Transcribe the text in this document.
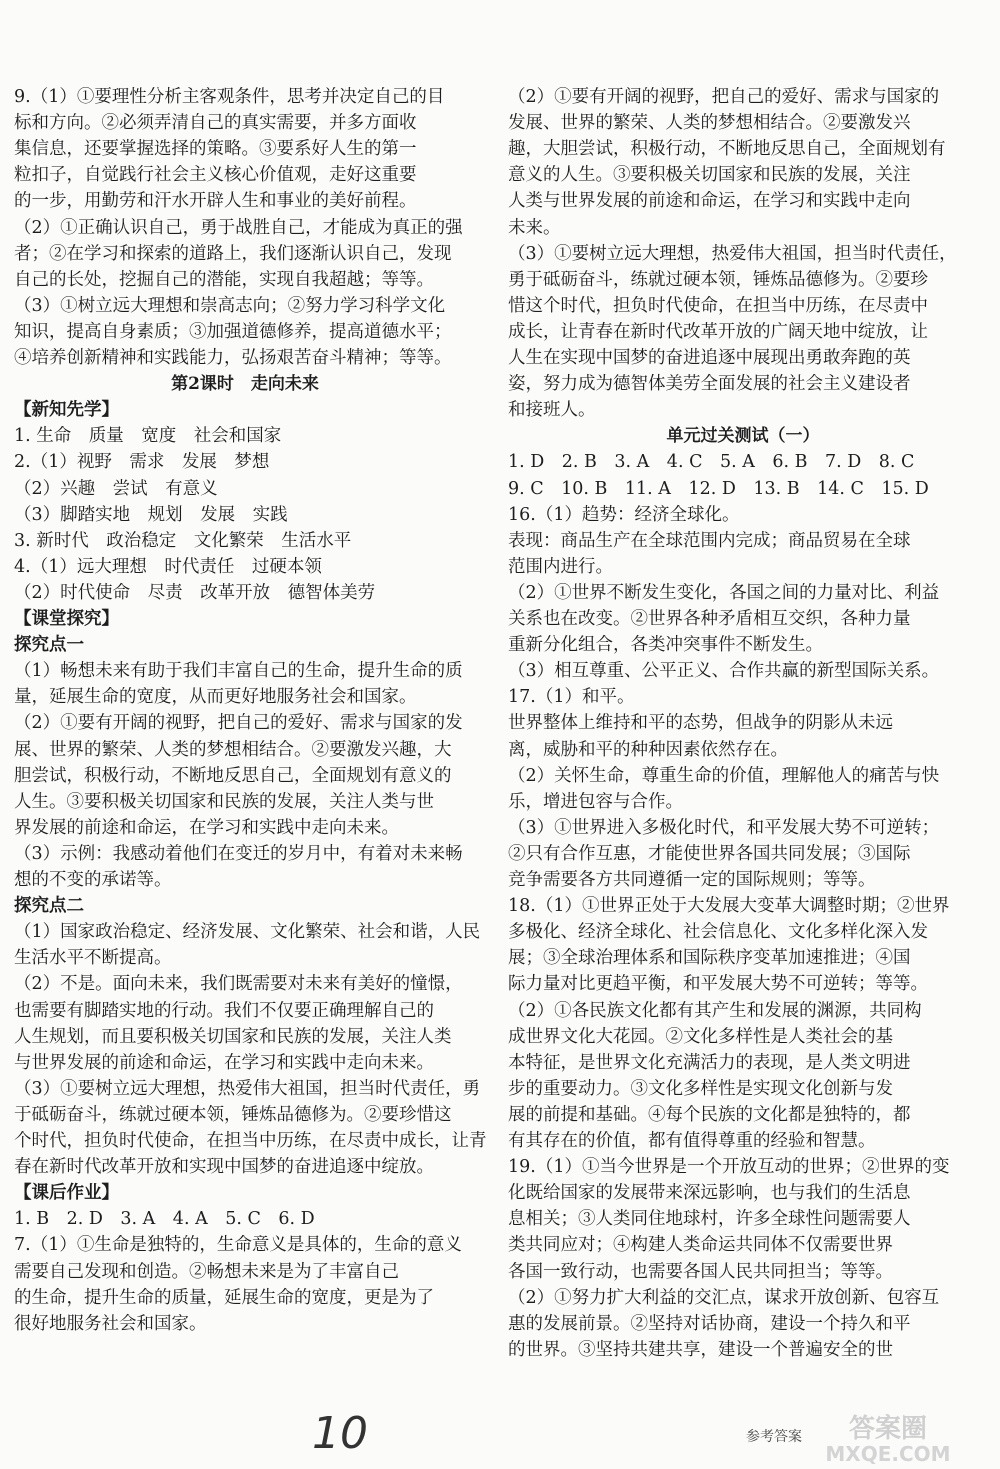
9.（1）①要理性分析主客观条件，思考并决定自己的目
标和方向。②必须弄清自己的真实需要，并多方面收
集信息，还要掌握选择的策略。③要系好人生的第一
粒扣子，自觉践行社会主义核心价值观，走好这重要
的一步，用勤劳和汗水开辟人生和事业的美好前程。
（2）①正确认识自己，勇于战胜自己，才能成为真正的强
者；②在学习和探索的道路上，我们逐渐认识自己，发现
自己的长处，挖掘自己的潜能，实现自我超越；等等。
（3）①树立远大理想和崇高志向；②努力学习科学文化
知识，提高自身素质；③加强道德修养，提高道德水平；
④培养创新精神和实践能力，弘扬艰苦奋斗精神；等等。
第2课时　走向未来
【新知先学】
1. 生命　质量　宽度　社会和国家
2.（1）视野　需求　发展　梦想
（2）兴趣　尝试　有意义
（3）脚踏实地　规划　发展　实践
3. 新时代　政治稳定　文化繁荣　生活水平
4.（1）远大理想　时代责任　过硬本领
（2）时代使命　尽责　改革开放　德智体美劳
【课堂探究】
探究点一
（1）畅想未来有助于我们丰富自己的生命，提升生命的质
量，延展生命的宽度，从而更好地服务社会和国家。
（2）①要有开阔的视野，把自己的爱好、需求与国家的发
展、世界的繁荣、人类的梦想相结合。②要激发兴趣，大
胆尝试，积极行动，不断地反思自己，全面规划有意义的
人生。③要积极关切国家和民族的发展，关注人类与世
界发展的前途和命运，在学习和实践中走向未来。
（3）示例：我感动着他们在变迁的岁月中，有着对未来畅
想的不变的承诺等。
探究点二
（1）国家政治稳定、经济发展、文化繁荣、社会和谐，人民
生活水平不断提高。
（2）不是。面向未来，我们既需要对未来有美好的憧憬，
也需要有脚踏实地的行动。我们不仅要正确理解自己的
人生规划，而且要积极关切国家和民族的发展，关注人类
与世界发展的前途和命运，在学习和实践中走向未来。
（3）①要树立远大理想，热爱伟大祖国，担当时代责任，勇
于砥砺奋斗，练就过硬本领，锤炼品德修为。②要珍惜这
个时代，担负时代使命，在担当中历练，在尽责中成长，让青
春在新时代改革开放和实现中国梦的奋进追逐中绽放。
【课后作业】
1. B　2. D　3. A　4. A　5. C　6. D
7.（1）①生命是独特的，生命意义是具体的，生命的意义
需要自己发现和创造。②畅想未来是为了丰富自己
的生命，提升生命的质量，延展生命的宽度，更是为了
很好地服务社会和国家。
（2）①要有开阔的视野，把自己的爱好、需求与国家的
发展、世界的繁荣、人类的梦想相结合。②要激发兴
趣，大胆尝试，积极行动，不断地反思自己，全面规划有
意义的人生。③要积极关切国家和民族的发展，关注
人类与世界发展的前途和命运，在学习和实践中走向
未来。
（3）①要树立远大理想，热爱伟大祖国，担当时代责任，
勇于砥砺奋斗，练就过硬本领，锤炼品德修为。②要珍
惜这个时代，担负时代使命，在担当中历练，在尽责中
成长，让青春在新时代改革开放的广阔天地中绽放，让
人生在实现中国梦的奋进追逐中展现出勇敢奔跑的英
姿，努力成为德智体美劳全面发展的社会主义建设者
和接班人。
单元过关测试（一）
1. D　2. B　3. A　4. C　5. A　6. B　7. D　8. C
9. C　10. B　11. A　12. D　13. B　14. C　15. D
16.（1）趋势：经济全球化。
表现：商品生产在全球范围内完成；商品贸易在全球
范围内进行。
（2）①世界不断发生变化，各国之间的力量对比、利益
关系也在改变。②世界各种矛盾相互交织，各种力量
重新分化组合，各类冲突事件不断发生。
（3）相互尊重、公平正义、合作共赢的新型国际关系。
17.（1）和平。
世界整体上维持和平的态势，但战争的阴影从未远
离，威胁和平的种种因素依然存在。
（2）关怀生命，尊重生命的价值，理解他人的痛苦与快
乐，增进包容与合作。
（3）①世界进入多极化时代，和平发展大势不可逆转；
②只有合作互惠，才能使世界各国共同发展；③国际
竞争需要各方共同遵循一定的国际规则；等等。
18.（1）①世界正处于大发展大变革大调整时期；②世界
多极化、经济全球化、社会信息化、文化多样化深入发
展；③全球治理体系和国际秩序变革加速推进；④国
际力量对比更趋平衡，和平发展大势不可逆转；等等。
（2）①各民族文化都有其产生和发展的渊源，共同构
成世界文化大花园。②文化多样性是人类社会的基
本特征，是世界文化充满活力的表现，是人类文明进
步的重要动力。③文化多样性是实现文化创新与发
展的前提和基础。④每个民族的文化都是独特的，都
有其存在的价值，都有值得尊重的经验和智慧。
19.（1）①当今世界是一个开放互动的世界；②世界的变
化既给国家的发展带来深远影响，也与我们的生活息
息相关；③人类同住地球村，许多全球性问题需要人
类共同应对；④构建人类命运共同体不仅需要世界
各国一致行动，也需要各国人民共同担当；等等。
（2）①努力扩大利益的交汇点，谋求开放创新、包容互
惠的发展前景。②坚持对话协商，建设一个持久和平
的世界。③坚持共建共享，建设一个普遍安全的世
10	参考答案 答案圈
MXQE.COM
